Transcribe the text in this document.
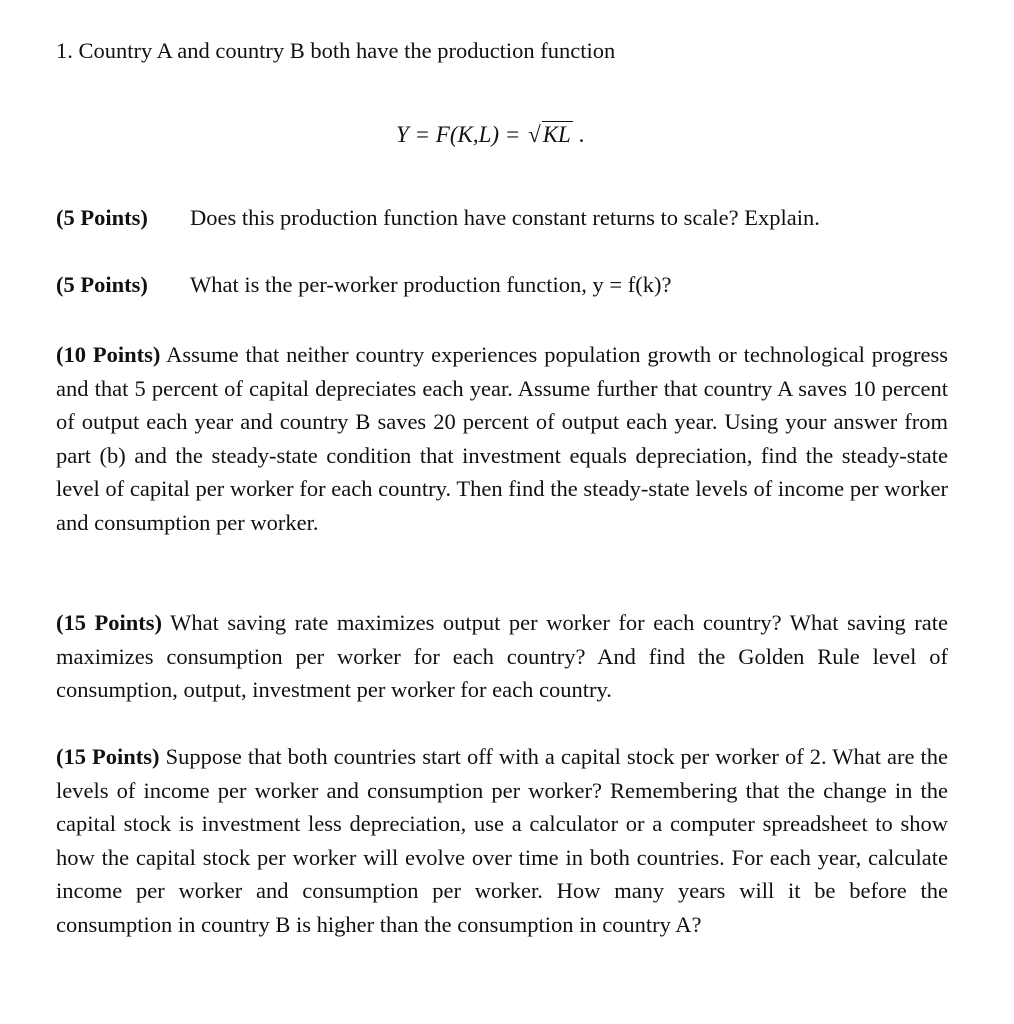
1. Country A and country B both have the production function
Y = F(K,L) = √KL .
(5 Points) Does this production function have constant returns to scale? Explain.
(5 Points) What is the per-worker production function, y = f(k)?
(10 Points) Assume that neither country experiences population growth or technological progress and that 5 percent of capital depreciates each year. Assume further that country A saves 10 percent of output each year and country B saves 20 percent of output each year. Using your answer from part (b) and the steady-state condition that investment equals depreciation, find the steady-state level of capital per worker for each country. Then find the steady-state levels of income per worker and consumption per worker.
(15 Points) What saving rate maximizes output per worker for each country? What saving rate maximizes consumption per worker for each country? And find the Golden Rule level of consumption, output, investment per worker for each country.
(15 Points) Suppose that both countries start off with a capital stock per worker of 2. What are the levels of income per worker and consumption per worker? Remembering that the change in the capital stock is investment less depreciation, use a calculator or a computer spreadsheet to show how the capital stock per worker will evolve over time in both countries. For each year, calculate income per worker and consumption per worker. How many years will it be before the consumption in country B is higher than the consumption in country A?
